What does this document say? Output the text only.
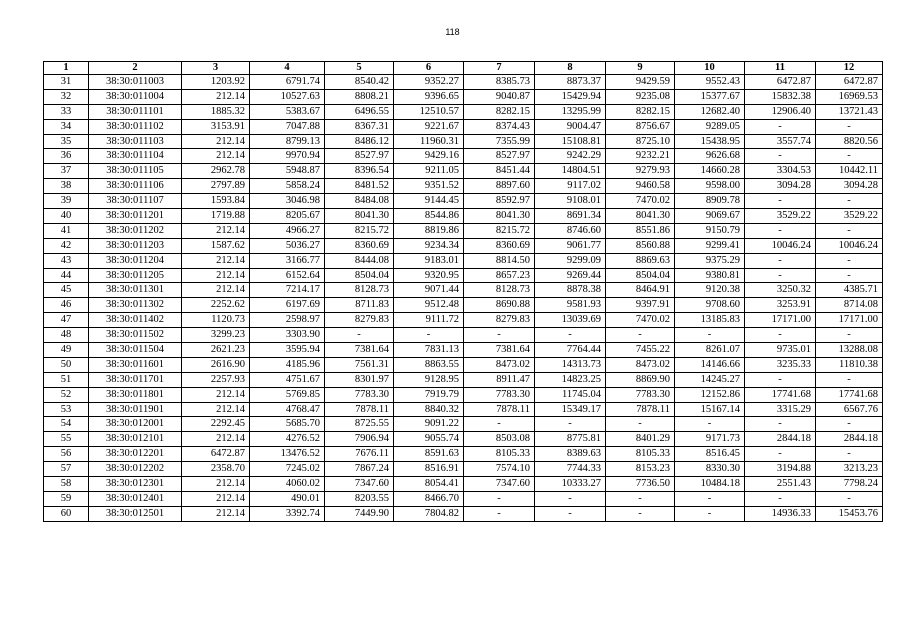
118
1	2	3	4	5	6	7	8	9	10	11	12
31	38:30:011003	1203.92	6791.74	8540.42	9352.27	8385.73	8873.37	9429.59	9552.43	6472.87	6472.87
32	38:30:011004	212.14	10527.63	8808.21	9396.65	9040.87	15429.94	9235.08	15377.67	15832.38	16969.53
33	38:30:011101	1885.32	5383.67	6496.55	12510.57	8282.15	13295.99	8282.15	12682.40	12906.40	13721.43
34	38:30:011102	3153.91	7047.88	8367.31	9221.67	8374.43	9004.47	8756.67	9289.05	-	-
35	38:30:011103	212.14	8799.13	8486.12	11960.31	7355.99	15108.81	8725.10	15438.95	3557.74	8820.56
36	38:30:011104	212.14	9970.94	8527.97	9429.16	8527.97	9242.29	9232.21	9626.68	-	-
37	38:30:011105	2962.78	5948.87	8396.54	9211.05	8451.44	14804.51	9279.93	14660.28	3304.53	10442.11
38	38:30:011106	2797.89	5858.24	8481.52	9351.52	8897.60	9117.02	9460.58	9598.00	3094.28	3094.28
39	38:30:011107	1593.84	3046.98	8484.08	9144.45	8592.97	9108.01	7470.02	8909.78	-	-
40	38:30:011201	1719.88	8205.67	8041.30	8544.86	8041.30	8691.34	8041.30	9069.67	3529.22	3529.22
41	38:30:011202	212.14	4966.27	8215.72	8819.86	8215.72	8746.60	8551.86	9150.79	-	-
42	38:30:011203	1587.62	5036.27	8360.69	9234.34	8360.69	9061.77	8560.88	9299.41	10046.24	10046.24
43	38:30:011204	212.14	3166.77	8444.08	9183.01	8814.50	9299.09	8869.63	9375.29	-	-
44	38:30:011205	212.14	6152.64	8504.04	9320.95	8657.23	9269.44	8504.04	9380.81	-	-
45	38:30:011301	212.14	7214.17	8128.73	9071.44	8128.73	8878.38	8464.91	9120.38	3250.32	4385.71
46	38:30:011302	2252.62	6197.69	8711.83	9512.48	8690.88	9581.93	9397.91	9708.60	3253.91	8714.08
47	38:30:011402	1120.73	2598.97	8279.83	9111.72	8279.83	13039.69	7470.02	13185.83	17171.00	17171.00
48	38:30:011502	3299.23	3303.90	-	-	-	-	-	-	-	-
49	38:30:011504	2621.23	3595.94	7381.64	7831.13	7381.64	7764.44	7455.22	8261.07	9735.01	13288.08
50	38:30:011601	2616.90	4185.96	7561.31	8863.55	8473.02	14313.73	8473.02	14146.66	3235.33	11810.38
51	38:30:011701	2257.93	4751.67	8301.97	9128.95	8911.47	14823.25	8869.90	14245.27	-	-
52	38:30:011801	212.14	5769.85	7783.30	7919.79	7783.30	11745.04	7783.30	12152.86	17741.68	17741.68
53	38:30:011901	212.14	4768.47	7878.11	8840.32	7878.11	15349.17	7878.11	15167.14	3315.29	6567.76
54	38:30:012001	2292.45	5685.70	8725.55	9091.22	-	-	-	-	-	-
55	38:30:012101	212.14	4276.52	7906.94	9055.74	8503.08	8775.81	8401.29	9171.73	2844.18	2844.18
56	38:30:012201	6472.87	13476.52	7676.11	8591.63	8105.33	8389.63	8105.33	8516.45	-	-
57	38:30:012202	2358.70	7245.02	7867.24	8516.91	7574.10	7744.33	8153.23	8330.30	3194.88	3213.23
58	38:30:012301	212.14	4060.02	7347.60	8054.41	7347.60	10333.27	7736.50	10484.18	2551.43	7798.24
59	38:30:012401	212.14	490.01	8203.55	8466.70	-	-	-	-	-	-
60	38:30:012501	212.14	3392.74	7449.90	7804.82	-	-	-	-	14936.33	15453.76
